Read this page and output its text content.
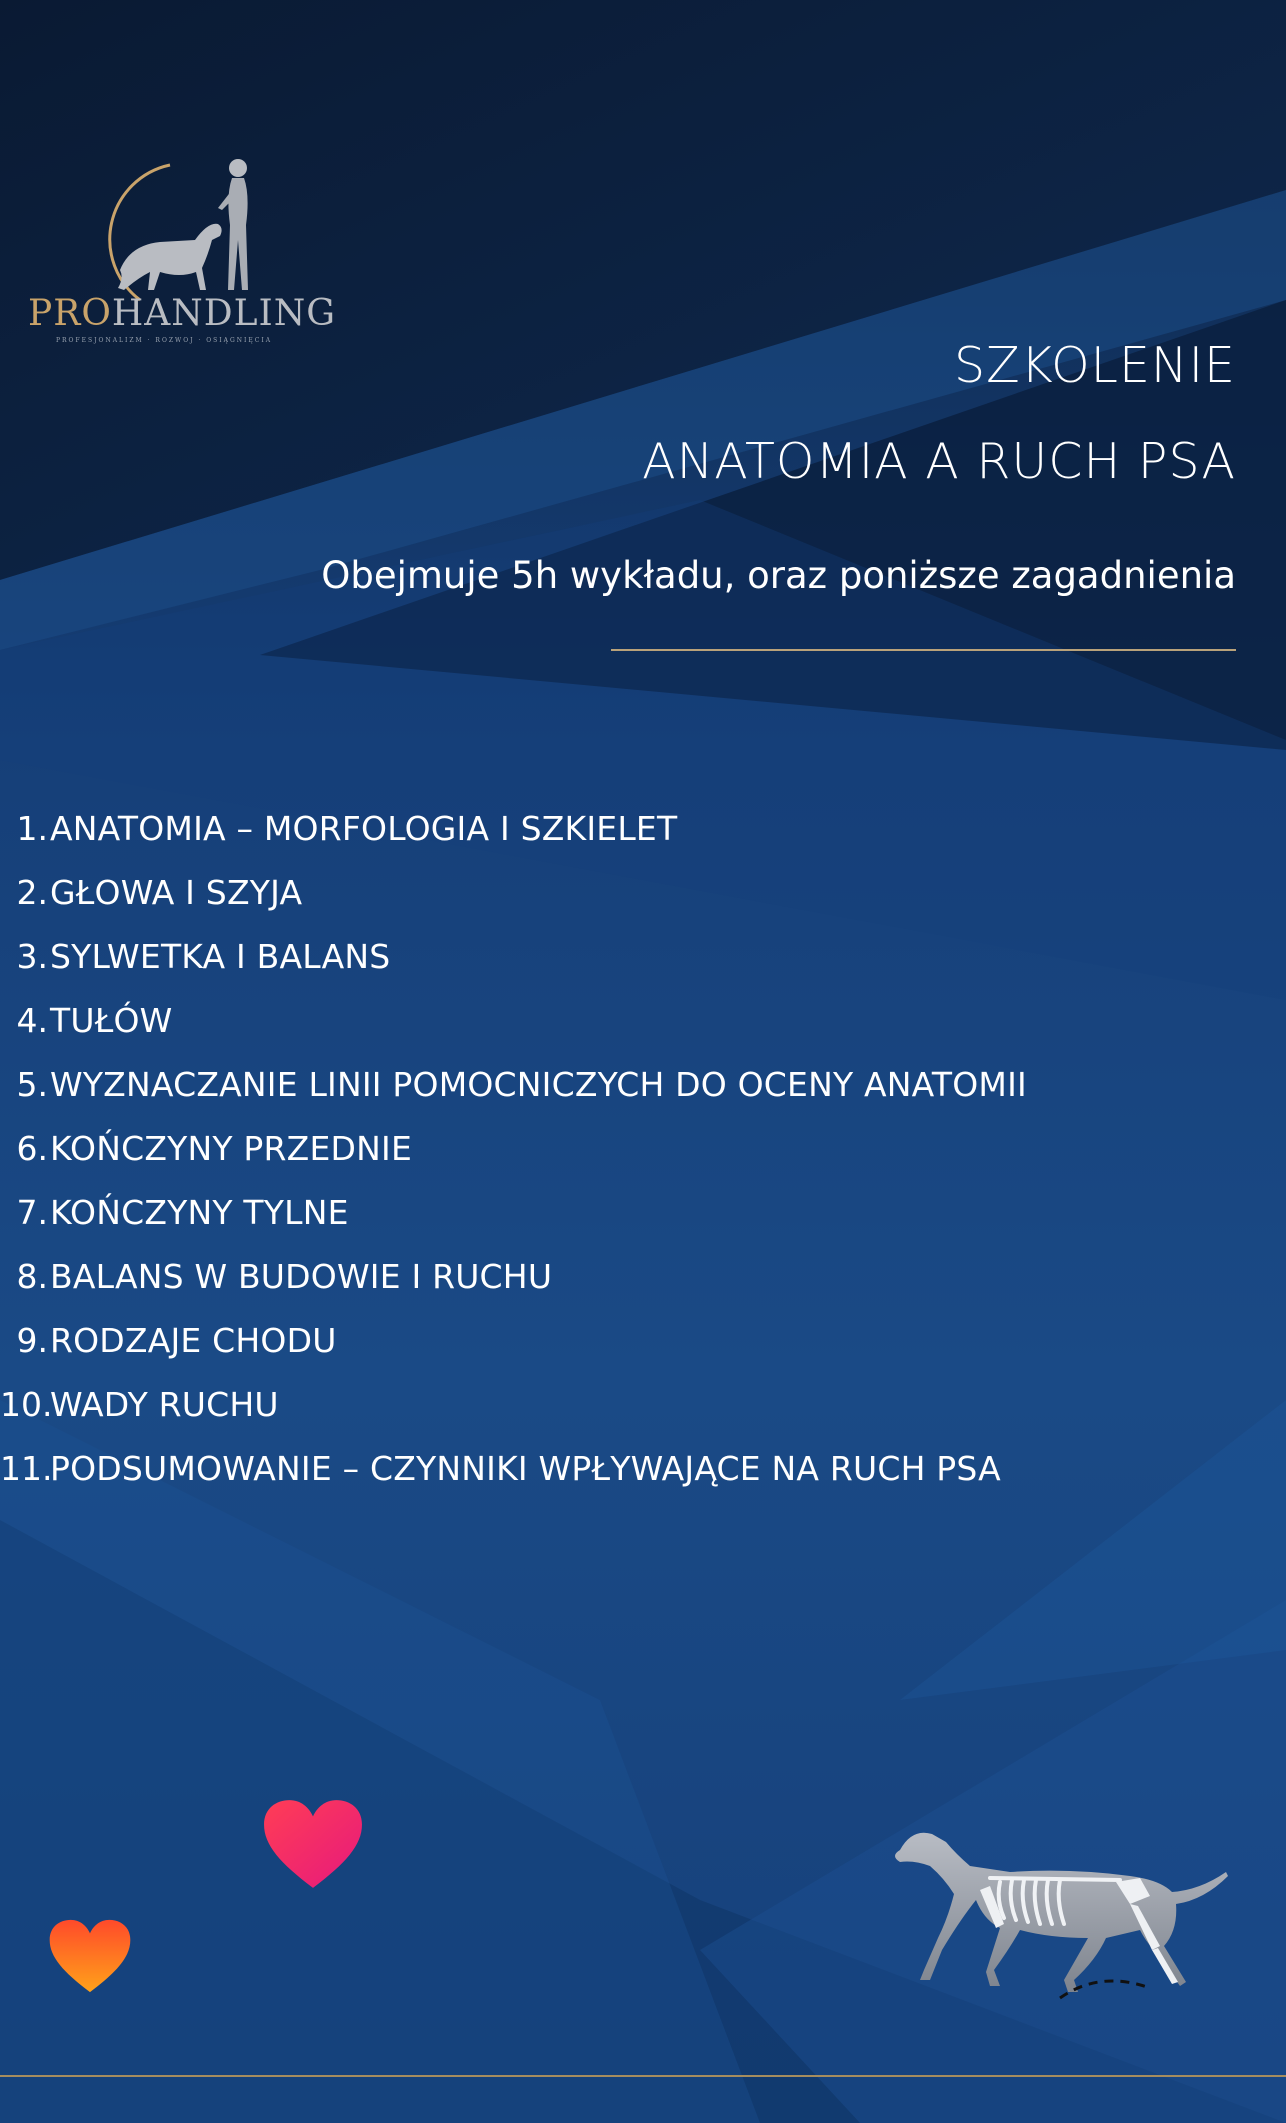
PROHANDLING
PROFESJONALIZM · ROZWÓJ · OSIĄGNIĘCIA	SZKOLENIE
ANATOMIA A RUCH PSA
Obejmuje 5h wykładu, oraz poniższe zagadnienia
1. ANATOMIA – MORFOLOGIA I SZKIELET
2. GŁOWA I SZYJA
3. SYLWETKA I BALANS
4. TUŁÓW
5. WYZNACZANIE LINII POMOCNICZYCH DO OCENY ANATOMII
6. KOŃCZYNY PRZEDNIE
7. KOŃCZYNY TYLNE
8. BALANS W BUDOWIE I RUCHU
9. RODZAJE CHODU
10.
WADY RUCHU
11.
PODSUMOWANIE – CZYNNIKI WPŁYWAJĄCE NA RUCH PSA
